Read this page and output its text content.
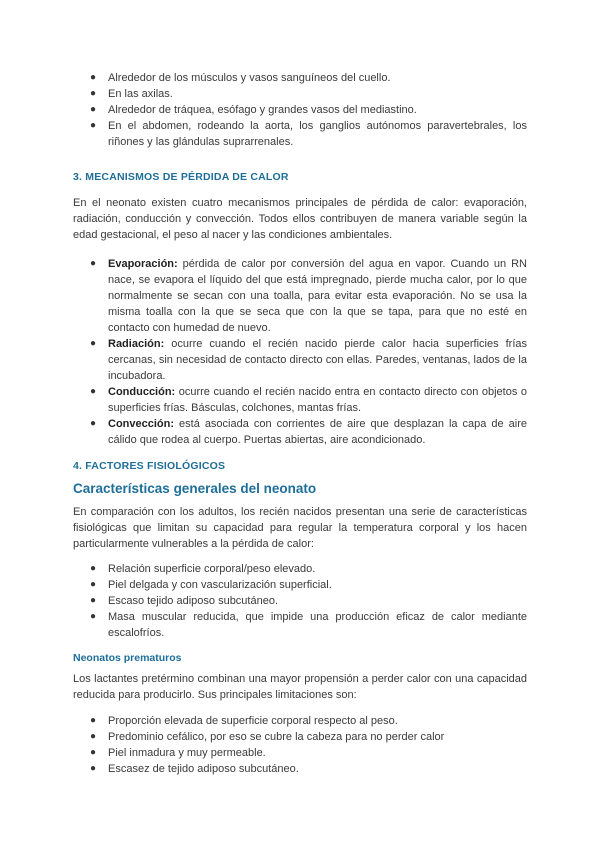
● Alrededor de los músculos y vasos sanguíneos del cuello.
● En las axilas.
● Alrededor de tráquea, esófago y grandes vasos del mediastino.
● En el abdomen, rodeando la aorta, los ganglios autónomos paravertebrales, los riñones y las glándulas suprarrenales.
3. MECANISMOS DE PÉRDIDA DE CALOR

En el neonato existen cuatro mecanismos principales de pérdida de calor: evaporación, radiación, conducción y convección. Todos ellos contribuyen de manera variable según la edad gestacional, el peso al nacer y las condiciones ambientales.

● Evaporación: pérdida de calor por conversión del agua en vapor. Cuando un RN nace, se evapora el líquido del que está impregnado, pierde mucha calor, por lo que normalmente se secan con una toalla, para evitar esta evaporación. No se usa la misma toalla con la que se seca que con la que se tapa, para que no esté en contacto con humedad de nuevo.
● Radiación: ocurre cuando el recién nacido pierde calor hacia superficies frías cercanas, sin necesidad de contacto directo con ellas. Paredes, ventanas, lados de la incubadora.
● Conducción: ocurre cuando el recién nacido entra en contacto directo con objetos o superficies frías. Básculas, colchones, mantas frías.
● Convección: está asociada con corrientes de aire que desplazan la capa de aire cálido que rodea al cuerpo. Puertas abiertas, aire acondicionado.
4. FACTORES FISIOLÓGICOS
Características generales del neonato

En comparación con los adultos, los recién nacidos presentan una serie de características fisiológicas que limitan su capacidad para regular la temperatura corporal y los hacen particularmente vulnerables a la pérdida de calor:

● Relación superficie corporal/peso elevado.
● Piel delgada y con vascularización superficial.
● Escaso tejido adiposo subcutáneo.
● Masa muscular reducida, que impide una producción eficaz de calor mediante escalofríos.
Neonatos prematuros

Los lactantes pretérmino combinan una mayor propensión a perder calor con una capacidad reducida para producirlo. Sus principales limitaciones son:

● Proporción elevada de superficie corporal respecto al peso.
● Predominio cefálico, por eso se cubre la cabeza para no perder calor
● Piel inmadura y muy permeable.
● Escasez de tejido adiposo subcutáneo.
